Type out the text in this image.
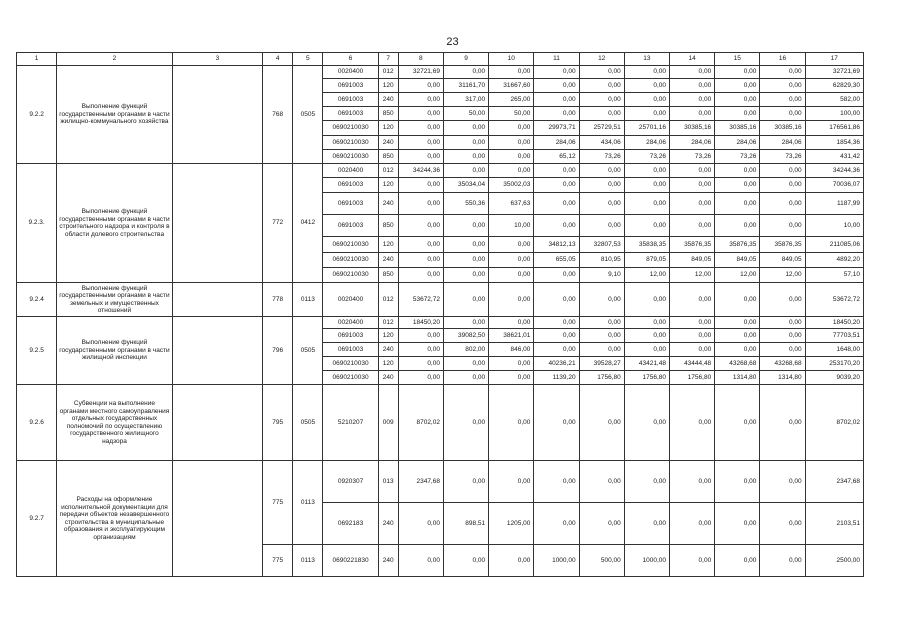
23
1	2	3	4	5	6	7	8	9	10	11	12	13	14	15	16	17
9.2.2	Выполнение функций государственными органами в части жилищно-коммунального хозяйства		768	0505	0020400	012	32721,69	0,00	0,00	0,00	0,00	0,00	0,00	0,00	0,00	32721,69
					0691003	120	0,00	31161,70	31667,60	0,00	0,00	0,00	0,00	0,00	0,00	62829,30
					0691003	240	0,00	317,00	265,00	0,00	0,00	0,00	0,00	0,00	0,00	582,00
					0691003	850	0,00	50,00	50,00	0,00	0,00	0,00	0,00	0,00	0,00	100,00
					0690210030	120	0,00	0,00	0,00	29973,71	25729,51	25701,16	30385,16	30385,16	30385,16	176561,86
					0690210030	240	0,00	0,00	0,00	284,06	434,06	284,06	284,06	284,06	284,06	1854,36
					0690210030	850	0,00	0,00	0,00	65,12	73,26	73,26	73,26	73,26	73,26	431,42
9.2.3.	Выполнение функций государственными органами в части строительного надзора и контроля в области долевого строительства		772	0412	0020400	012	34244,36	0,00	0,00	0,00	0,00	0,00	0,00	0,00	0,00	34244,36
					0691003	120	0,00	35034,04	35002,03	0,00	0,00	0,00	0,00	0,00	0,00	70036,07
					0691003	240	0,00	550,36	637,63	0,00	0,00	0,00	0,00	0,00	0,00	1187,99
					0691003	850	0,00	0,00	10,00	0,00	0,00	0,00	0,00	0,00	0,00	10,00
					0690210030	120	0,00	0,00	0,00	34812,13	32807,53	35838,35	35876,35	35876,35	35876,35	211085,06
					0690210030	240	0,00	0,00	0,00	655,05	810,95	879,05	849,05	849,05	849,05	4892,20
					0690210030	850	0,00	0,00	0,00	0,00	9,10	12,00	12,00	12,00	12,00	57,10
9.2.4	Выполнение функций государственными органами в части земельных и имущественных отношений		778	0113	0020400	012	53672,72	0,00	0,00	0,00	0,00	0,00	0,00	0,00	0,00	53672,72
9.2.5	Выполнение функций государственными органами в части жилищной инспекции		796	0505	0020400	012	18450,20	0,00	0,00	0,00	0,00	0,00	0,00	0,00	0,00	18450,20
					0691003	120	0,00	39082,50	38621,01	0,00	0,00	0,00	0,00	0,00	0,00	77703,51
					0691003	240	0,00	802,00	846,00	0,00	0,00	0,00	0,00	0,00	0,00	1648,00
					0690210030	120	0,00	0,00	0,00	40236,21	39528,27	43421,48	43444,48	43268,68	43268,68	253170,20
					0690210030	240	0,00	0,00	0,00	1139,20	1756,80	1756,80	1756,80	1314,80	1314,80	9039,20
9.2.6	Субвенции на выполнение органами местного самоуправления отдельных государственных полномочий по осуществлению государственного жилищного надзора		795	0505	5210207	009	8702,02	0,00	0,00	0,00	0,00	0,00	0,00	0,00	0,00	8702,02
9.2.7	Расходы на оформление исполнительной документации для передачи объектов незавершенного строительства в муниципальные образования и эксплуатирующим организациям		775	0113	0920307	013	2347,68	0,00	0,00	0,00	0,00	0,00	0,00	0,00	0,00	2347,68
					0692183	240	0,00	898,51	1205,00	0,00	0,00	0,00	0,00	0,00	0,00	2103,51
			775	0113	0690221830	240	0,00	0,00	0,00	1000,00	500,00	1000,00	0,00	0,00	0,00	2500,00
